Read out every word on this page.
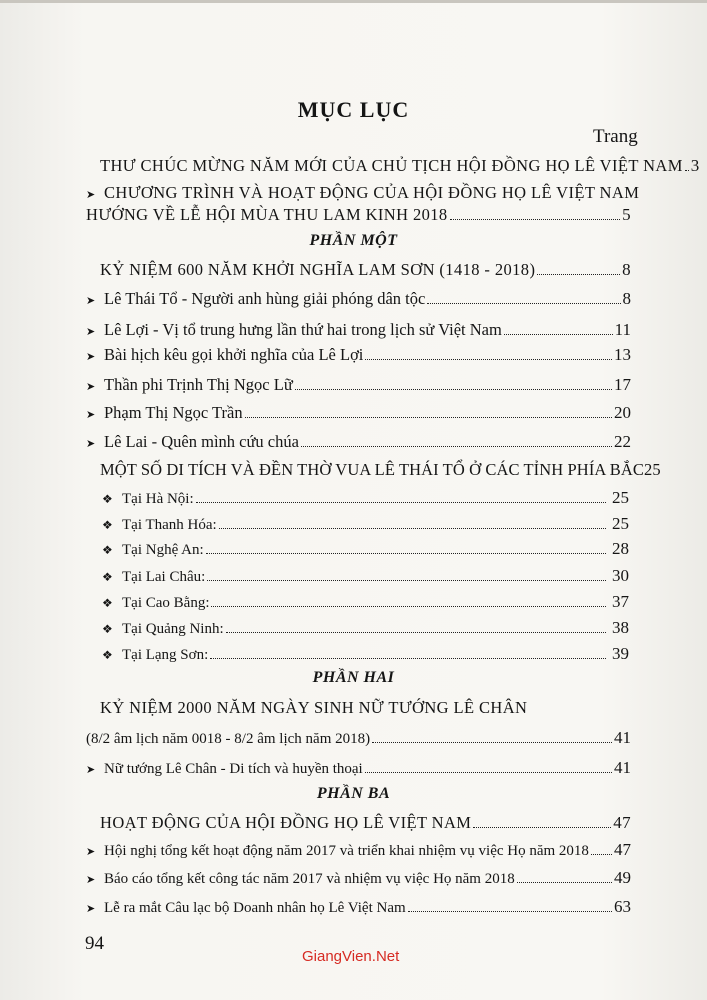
MỤC LỤC
Trang
THƯ CHÚC MỪNG NĂM MỚI CỦA CHỦ TỊCH HỘI ĐỒNG HỌ LÊ VIỆT NAM 3
➤ CHƯƠNG TRÌNH VÀ HOẠT ĐỘNG CỦA HỘI ĐỒNG HỌ LÊ VIỆT NAM
HƯỚNG VỀ LỄ HỘI MÙA THU LAM KINH 2018	5
PHẦN MỘT
KỶ NIỆM 600 NĂM KHỞI NGHĨA LAM SƠN (1418 - 2018)	8
➤ Lê Thái Tổ - Người anh hùng giải phóng dân tộc	8
➤ Lê Lợi - Vị tổ trung hưng lần thứ hai trong lịch sử Việt Nam	11
➤ Bài hịch kêu gọi khởi nghĩa của Lê Lợi	13
➤ Thần phi Trịnh Thị Ngọc Lữ	17
➤ Phạm Thị Ngọc Trần	20
➤ Lê Lai - Quên mình cứu chúa	22
MỘT SỐ DI TÍCH VÀ ĐỀN THỜ VUA LÊ THÁI TỔ Ở CÁC TỈNH PHÍA BẮC25
❖ Tại Hà Nội:	25
❖ Tại Thanh Hóa:	25
❖ Tại Nghệ An:	28
❖ Tại Lai Châu:	30
❖ Tại Cao Bằng:	37
❖ Tại Quảng Ninh:	38
❖ Tại Lạng Sơn:	39
PHẦN HAI
KỶ NIỆM 2000 NĂM NGÀY SINH NỮ TƯỚNG LÊ CHÂN
(8/2 âm lịch năm 0018 - 8/2 âm lịch năm 2018)	41
➤ Nữ tướng Lê Chân - Di tích và huyền thoại	41
PHẦN BA
HOẠT ĐỘNG CỦA HỘI ĐỒNG HỌ LÊ VIỆT NAM	47
➤ Hội nghị tổng kết hoạt động năm 2017 và triển khai nhiệm vụ việc Họ năm 2018 47
➤ Báo cáo tổng kết công tác năm 2017 và nhiệm vụ việc Họ năm 2018	49
➤ Lễ ra mắt Câu lạc bộ Doanh nhân họ Lê Việt Nam	63
94
GiangVien.Net
